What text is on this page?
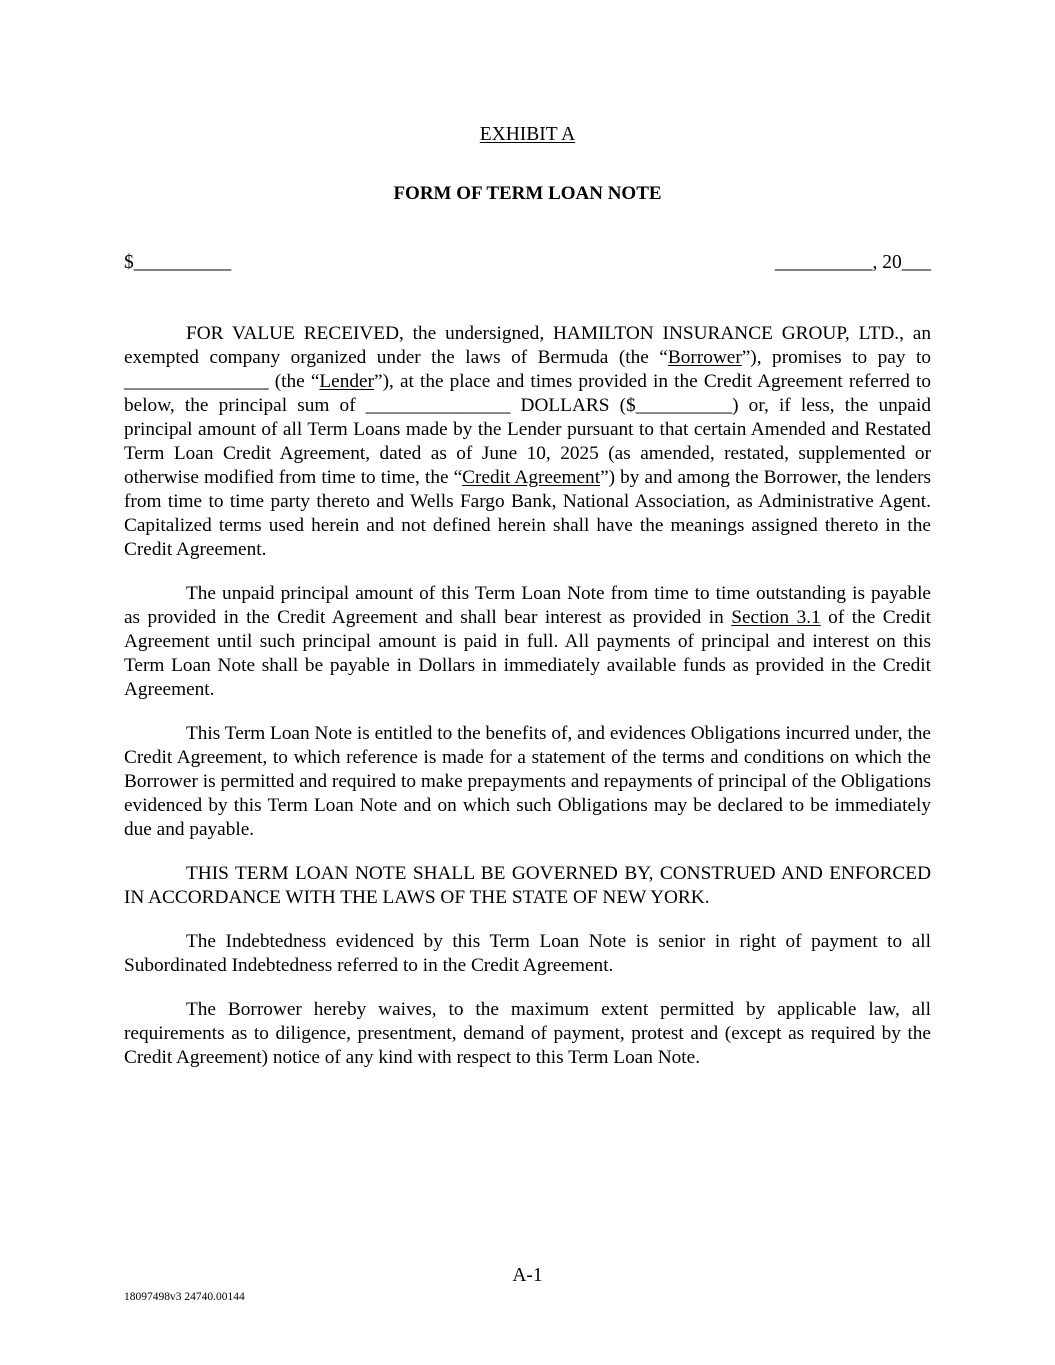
EXHIBIT A
FORM OF TERM LOAN NOTE
$__________	__________, 20___

FOR VALUE RECEIVED, the undersigned, HAMILTON INSURANCE GROUP, LTD., an exempted company organized under the laws of Bermuda (the “Borrower”), promises to pay to _______________ (the “Lender”), at the place and times provided in the Credit Agreement referred to below, the principal sum of _______________ DOLLARS ($__________) or, if less, the unpaid principal amount of all Term Loans made by the Lender pursuant to that certain Amended and Restated Term Loan Credit Agreement, dated as of June 10, 2025 (as amended, restated, supplemented or otherwise modified from time to time, the “Credit Agreement”) by and among the Borrower, the lenders from time to time party thereto and Wells Fargo Bank, National Association, as Administrative Agent. Capitalized terms used herein and not defined herein shall have the meanings assigned thereto in the Credit Agreement.

The unpaid principal amount of this Term Loan Note from time to time outstanding is payable as provided in the Credit Agreement and shall bear interest as provided in Section 3.1 of the Credit Agreement until such principal amount is paid in full. All payments of principal and interest on this Term Loan Note shall be payable in Dollars in immediately available funds as provided in the Credit Agreement.

This Term Loan Note is entitled to the benefits of, and evidences Obligations incurred under, the Credit Agreement, to which reference is made for a statement of the terms and conditions on which the Borrower is permitted and required to make prepayments and repayments of principal of the Obligations evidenced by this Term Loan Note and on which such Obligations may be declared to be immediately due and payable.

THIS TERM LOAN NOTE SHALL BE GOVERNED BY, CONSTRUED AND ENFORCED IN ACCORDANCE WITH THE LAWS OF THE STATE OF NEW YORK.

The Indebtedness evidenced by this Term Loan Note is senior in right of payment to all Subordinated Indebtedness referred to in the Credit Agreement.

The Borrower hereby waives, to the maximum extent permitted by applicable law, all requirements as to diligence, presentment, demand of payment, protest and (except as required by the Credit Agreement) notice of any kind with respect to this Term Loan Note.

A-1
18097498v3 24740.00144
